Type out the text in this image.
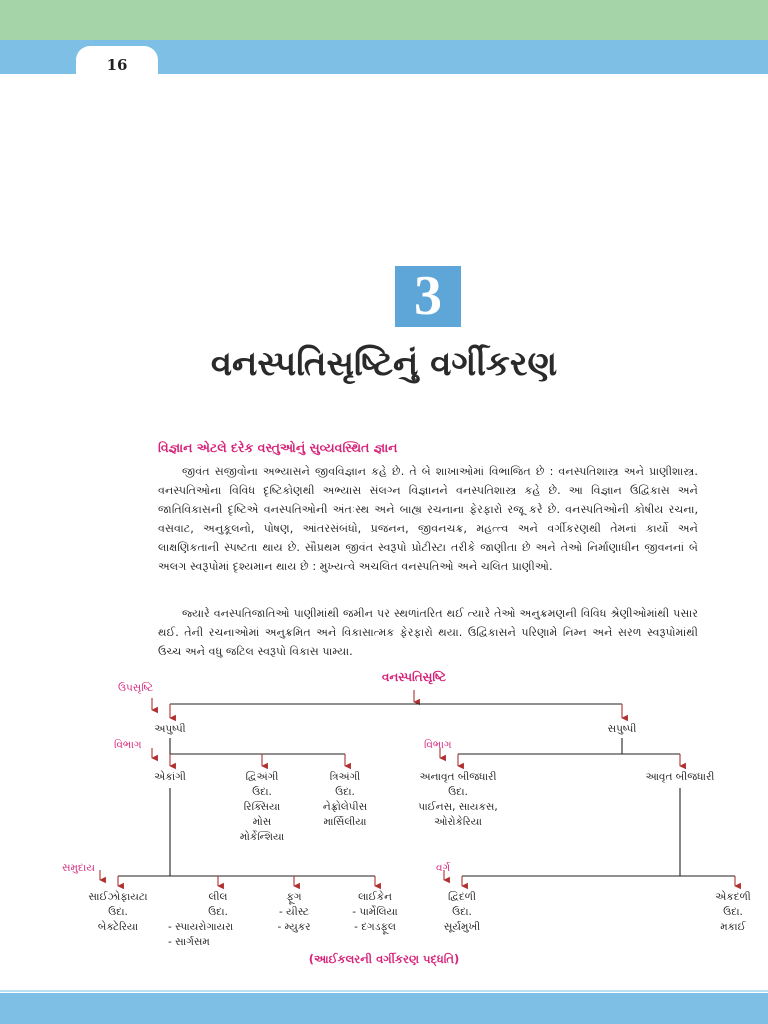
16
3
વનસ્પતિસૃષ્ટિનું વર્ગીકરણ
વિજ્ઞાન એટલે દરેક વસ્તુઓનું સુવ્યવસ્થિત જ્ઞાન

જીવંત સજીવોના અભ્યાસને જીવવિજ્ઞાન કહે છે. તે બે શાખાઓમાં વિભાજિત છે : વનસ્પતિશાસ્ત્ર અને પ્રાણીશાસ્ત્ર. વનસ્પતિઓના વિવિધ દૃષ્ટિકોણથી અભ્યાસ સંલગ્ન વિજ્ઞાનને વનસ્પતિશાસ્ત્ર કહે છે. આ વિજ્ઞાન ઉદ્વિકાસ અને જાતિવિકાસની દૃષ્ટિએ વનસ્પતિઓની અંતઃસ્થ અને બાહ્ય રચનાના ફેરફારો રજૂ કરે છે. વનસ્પતિઓની કોષીય રચના, વસવાટ, અનુકૂલનો, પોષણ, આંતરસંબંધો, પ્રજનન, જીવનચક્ર, મહત્ત્વ અને વર્ગીકરણથી તેમનાં કાર્યો અને લાક્ષણિકતાની સ્પષ્ટતા થાય છે. સૌપ્રથમ જીવંત સ્વરૂપો પ્રોટીસ્ટા તરીકે જાણીતા છે અને તેઓ નિર્માણાધીન જીવનનાં બે અલગ સ્વરૂપોમાં દૃશ્યમાન થાય છે : મુખ્યત્વે અચલિત વનસ્પતિઓ અને ચલિત પ્રાણીઓ.

જ્યારે વનસ્પતિજાતિઓ પાણીમાંથી જમીન પર સ્થળાંતરિત થઈ ત્યારે તેઓ અનુક્રમણની વિવિધ શ્રેણીઓમાંથી પસાર થઈ. તેની રચનાઓમાં અનુક્રમિત અને વિકાસાત્મક ફેરફારો થયા. ઉદ્વિકાસને પરિણામે નિમ્ન અને સરળ સ્વરૂપોમાંથી ઉચ્ચ અને વધુ જટિલ સ્વરૂપો વિકાસ પામ્યા.

વનસ્પતિસૃષ્ટિ
ઉપસૃષ્ટિ
વિભાગ	વિભાગ
સમુદાય	વર્ગ
અપુષ્પી	સપુષ્પી
એકાંગી	દ્વિઅંગી
ઉદા.
રિક્સિયા
મોસ
મોર્કેન્શિયા
ત્રિઅંગી
ઉદા.
નેફ્રોલેપીસ
માર્સિલીયા
અનાવૃત બીજધારી
ઉદા.
પાઈનસ, સાયકસ,
ઓરોકેરિયા
આવૃત બીજધારી
સાઈઝોફાયટા
ઉદા.
બેક્ટેરિયા
લીલ
ઉદા.
- સ્પાયરોગાયરા
- સાર્ગસમ
ફૂગ
- યીસ્ટ
- મ્યુકર
લાઈકેન
- પાર્મેલિયા
- દગડફૂલ
દ્વિદળી
ઉદા.
સૂર્યમુખી
એકદળી
ઉદા.
મકાઈ
(આઈકલરની વર્ગીકરણ પદ્ધતિ)
